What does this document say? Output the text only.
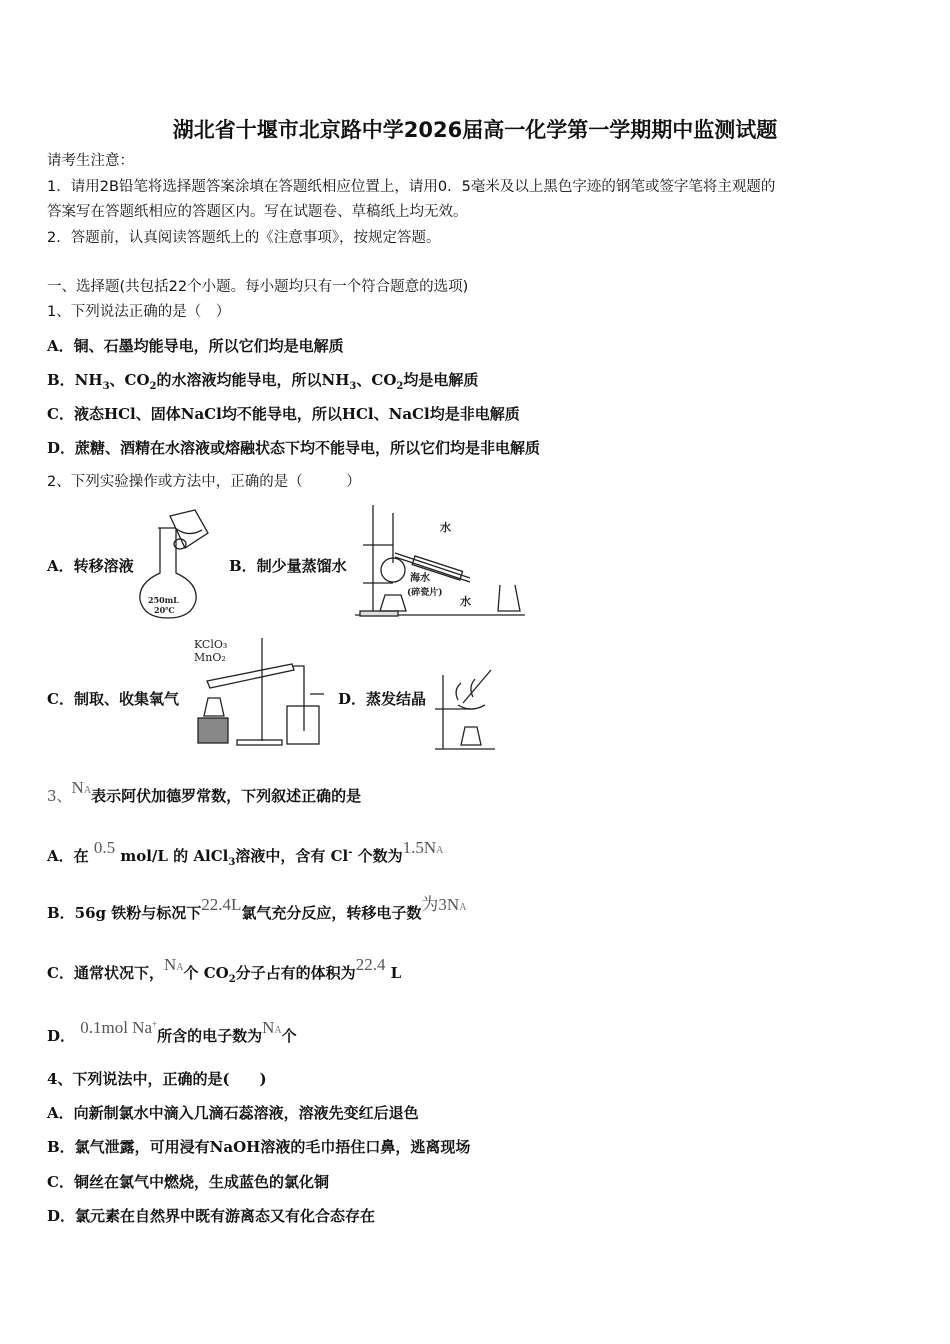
湖北省十堰市北京路中学2026届高一化学第一学期期中监测试题
请考生注意：
1．请用2B铅笔将选择题答案涂填在答题纸相应位置上，请用0．5毫米及以上黑色字迹的钢笔或签字笔将主观题的
答案写在答题纸相应的答题区内。写在试题卷、草稿纸上均无效。
2．答题前，认真阅读答题纸上的《注意事项》，按规定答题。
一、选择题(共包括22个小题。每小题均只有一个符合题意的选项)
1、下列说法正确的是（　）
A．铜、石墨均能导电，所以它们均是电解质
B．$NH_3$、$CO_2$的水溶液均能导电，所以$NH_3$、$CO_2$均是电解质
C．液态HCl、固体NaCl均不能导电，所以HCl、NaCl均是非电解质
D．蔗糖、酒精在水溶液或熔融状态下均不能导电，所以它们均是非电解质
2、下列实验操作或方法中，正确的是（　　　）
A．转移溶液	B．制少量蒸馏水
C．制取、收集氧气	D．蒸发结晶
250mL
20℃
水
海水
(碎瓷片)
水
KClO₃
MnO₂
3、$N^A$表示阿伏加德罗常数，下列叙述正确的是
A．在 0.5 mol/L 的 AlCl$_3$溶液中，含有 Cl- 个数为$1.5N^A$
B．56g 铁粉与标况下22.4L氯气充分反应，转移电子数为$3N^A$
C．通常状况下，$N^A$个 $CO_2$分子占有的体积为22.4 L
D． 0.1mol Na+所含的电子数为$N^A$个
4、下列说法中，正确的是(　　)
A．向新制氯水中滴入几滴石蕊溶液，溶液先变红后退色
B．氯气泄露，可用浸有NaOH溶液的毛巾捂住口鼻，逃离现场
C．铜丝在氯气中燃烧，生成蓝色的氯化铜
D．氯元素在自然界中既有游离态又有化合态存在
